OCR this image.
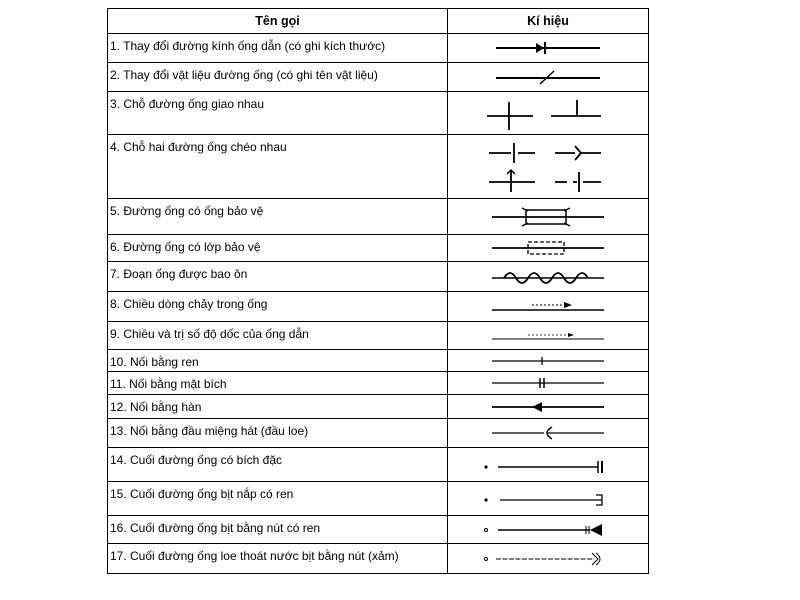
Tên gọi	Kí hiệu
1. Thay đổi đường kính ống dẫn (có ghi kích thước)	

2. Thay đổi vật liệu đường ống (có ghi tên vật liệu)	

3. Chỗ đường ống giao nhau	

4. Chỗ hai đường ống chéo nhau	

5. Đường ống có ống bảo vệ	

6. Đường ống có lớp bảo vệ	

7. Đoạn ống được bao ôn	

8. Chiều dòng chảy trong ống	

9. Chiều và trị số độ dốc của ống dẫn	

10. Nối bằng ren	

11. Nối bằng mặt bích	

12. Nối bằng hàn	

13. Nối bằng đầu miệng hát (đầu loe)	

14. Cuối đường ống có bích đặc	

15. Cuối đường ống bịt nắp có ren	

16. Cuối đường ống bịt bằng nút có ren	

17. Cuối đường ống loe thoát nước bịt bằng nút (xảm)	
